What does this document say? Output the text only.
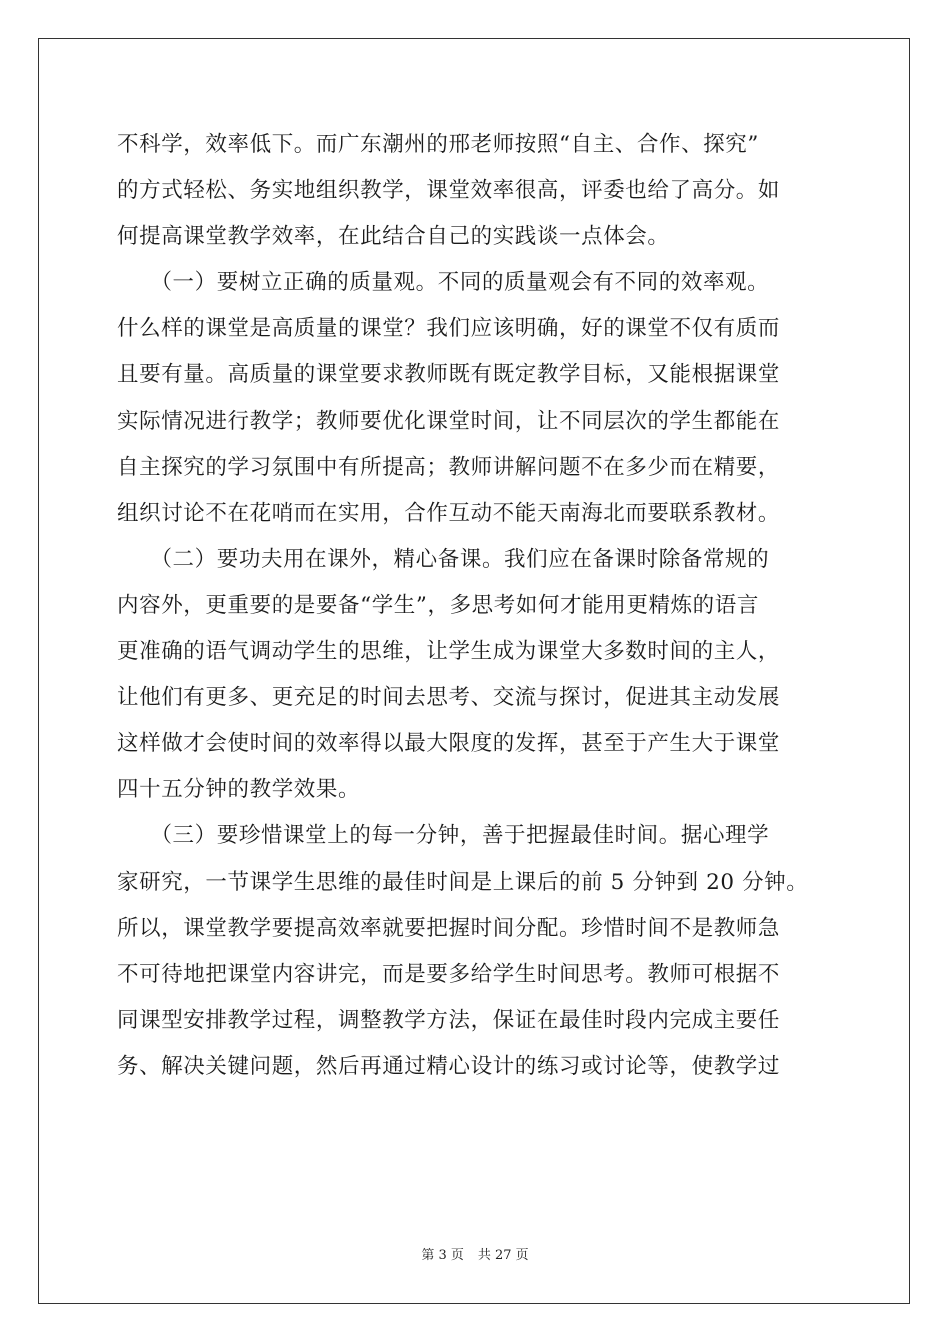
不科学，效率低下。而广东潮州的邢老师按照“自主、合作、探究”
的方式轻松、务实地组织教学，课堂效率很高，评委也给了高分。如
何提高课堂教学效率，在此结合自己的实践谈一点体会。
　　（一）要树立正确的质量观。不同的质量观会有不同的效率观。
什么样的课堂是高质量的课堂？我们应该明确，好的课堂不仅有质而
且要有量。高质量的课堂要求教师既有既定教学目标，又能根据课堂
实际情况进行教学；教师要优化课堂时间，让不同层次的学生都能在
自主探究的学习氛围中有所提高；教师讲解问题不在多少而在精要，
组织讨论不在花哨而在实用，合作互动不能天南海北而要联系教材。
　　（二）要功夫用在课外，精心备课。我们应在备课时除备常规的
内容外，更重要的是要备“学生”，多思考如何才能用更精炼的语言
更准确的语气调动学生的思维，让学生成为课堂大多数时间的主人，
让他们有更多、更充足的时间去思考、交流与探讨，促进其主动发展
这样做才会使时间的效率得以最大限度的发挥，甚至于产生大于课堂
四十五分钟的教学效果。
　　（三）要珍惜课堂上的每一分钟，善于把握最佳时间。据心理学
家研究，一节课学生思维的最佳时间是上课后的前 5 分钟到 20 分钟。
所以，课堂教学要提高效率就要把握时间分配。珍惜时间不是教师急
不可待地把课堂内容讲完，而是要多给学生时间思考。教师可根据不
同课型安排教学过程，调整教学方法，保证在最佳时段内完成主要任
务、解决关键问题，然后再通过精心设计的练习或讨论等，使教学过
第 3 页 共 27 页
